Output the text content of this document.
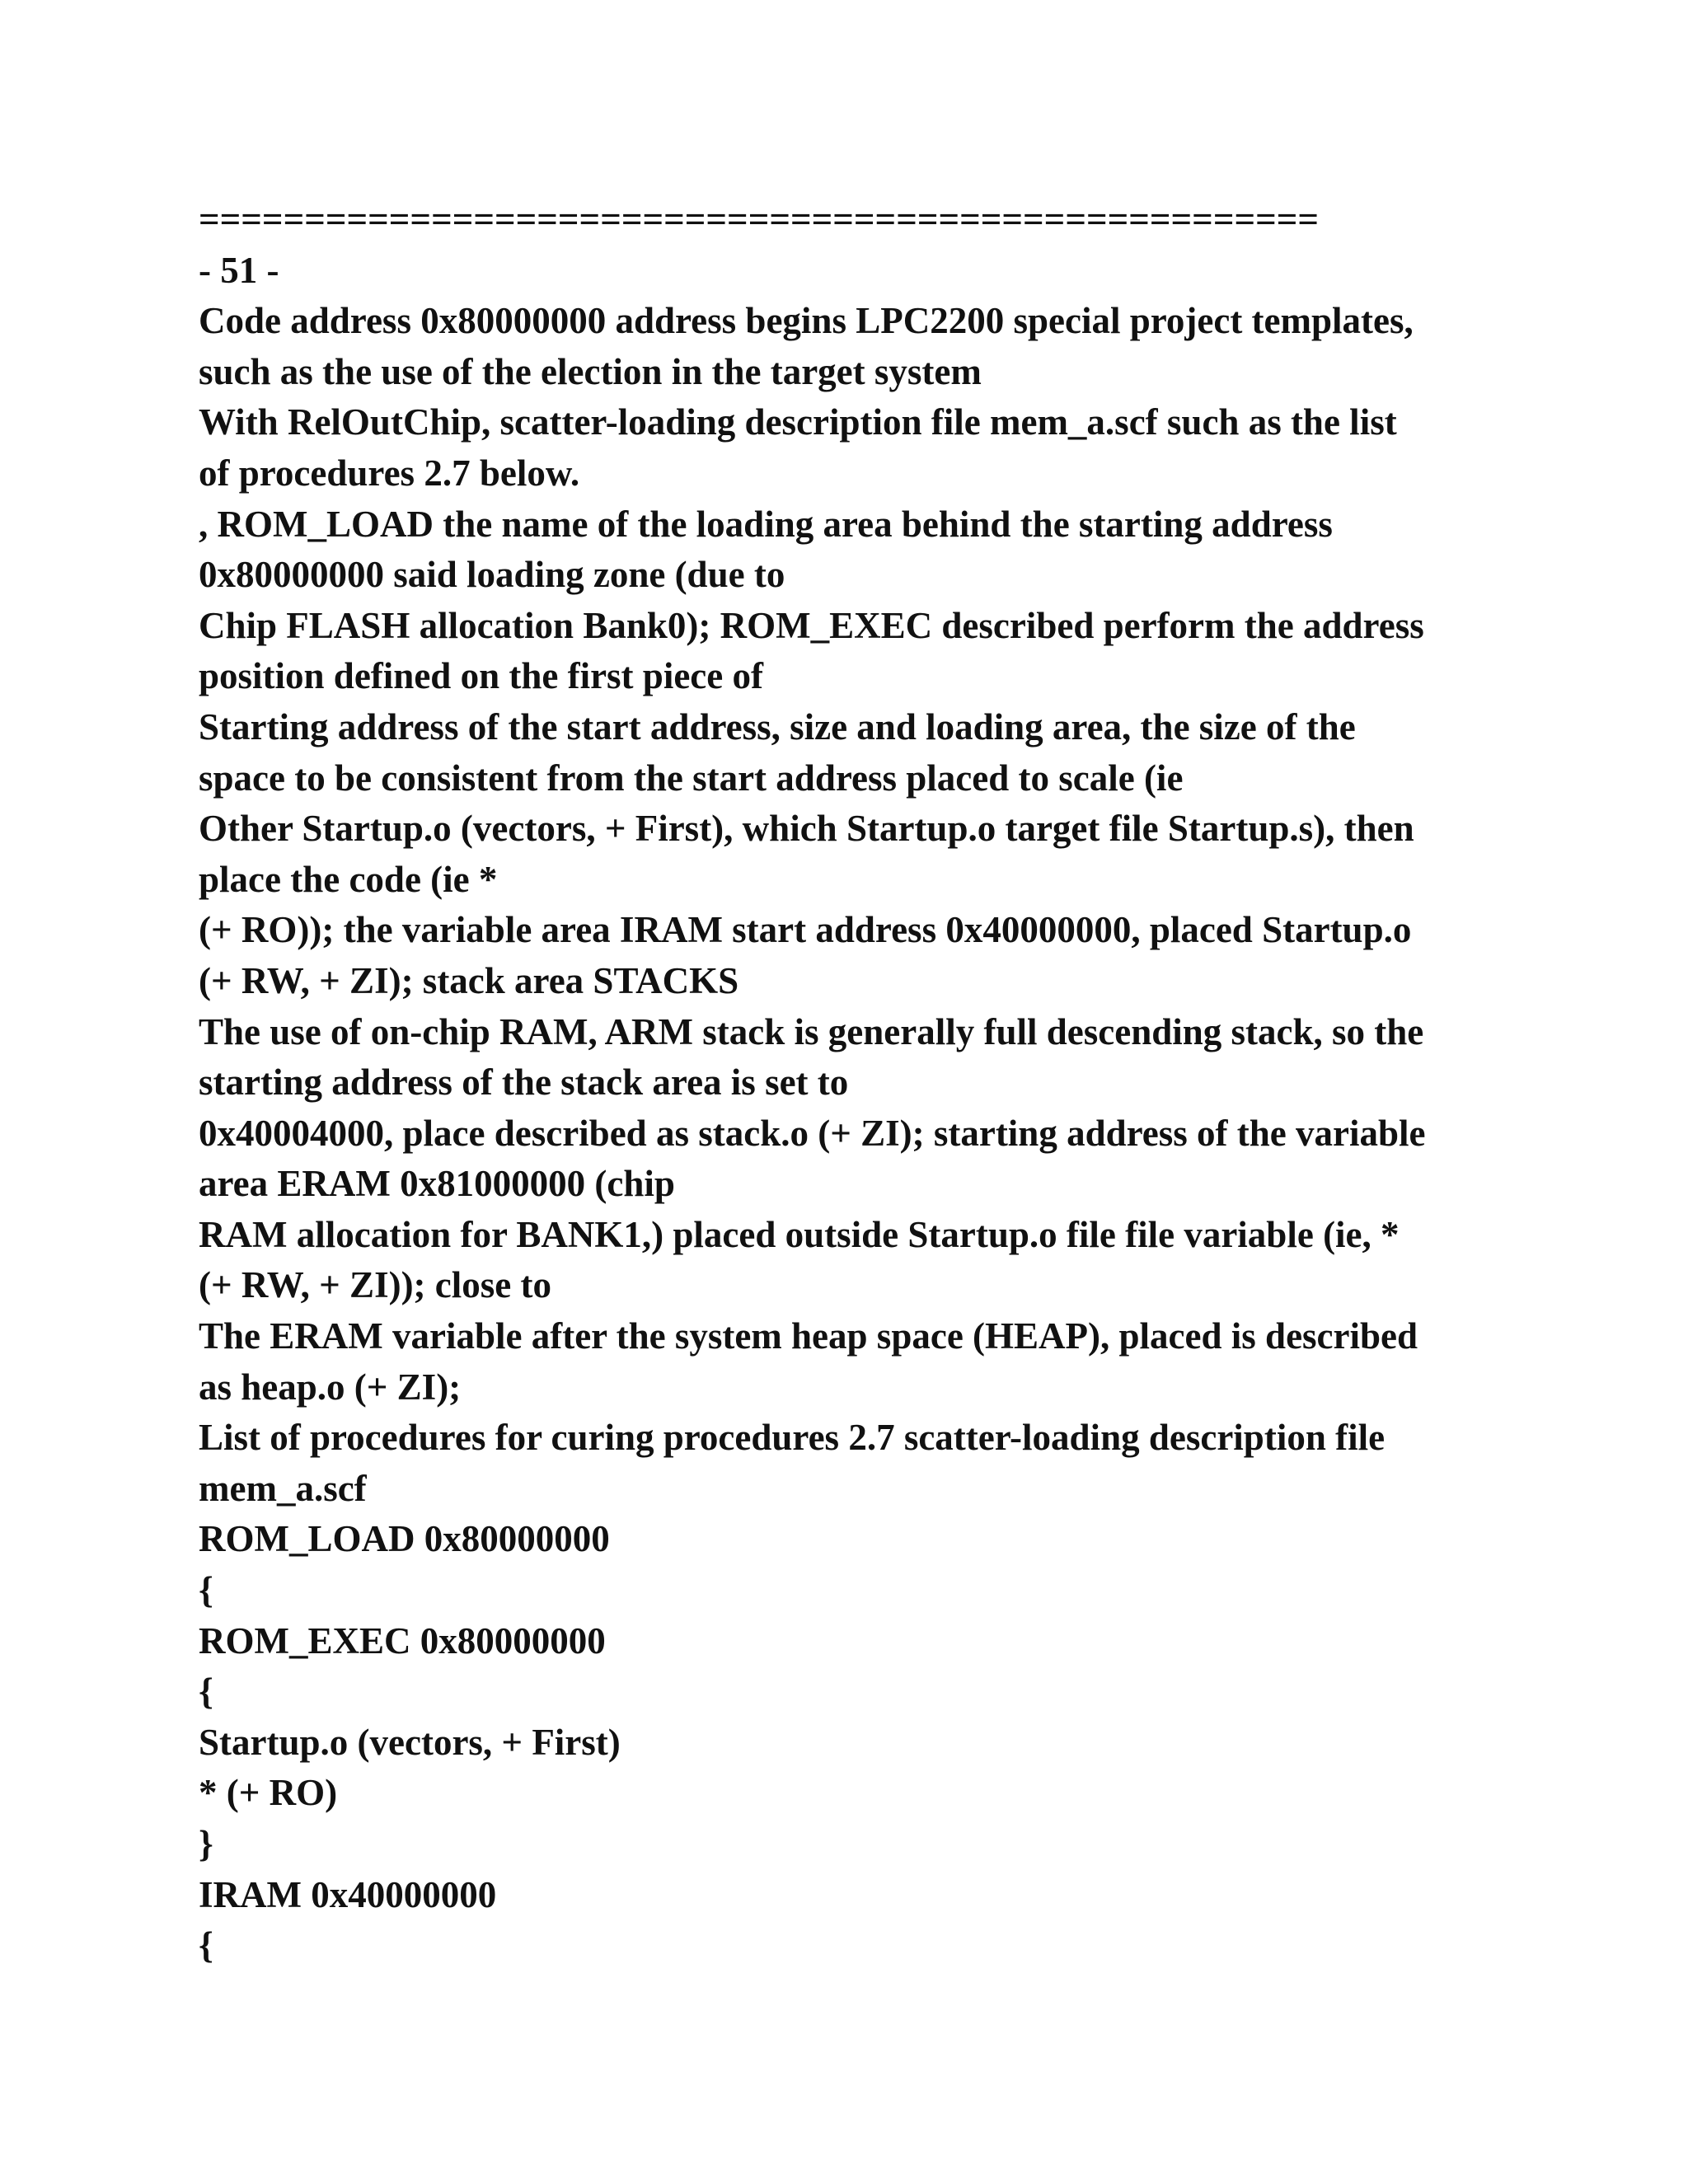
=====================================================
- 51 -
Code address 0x80000000 address begins LPC2200 special project templates,
such as the use of the election in the target system
With RelOutChip, scatter-loading description file mem_a.scf such as the list
of procedures 2.7 below.
, ROM_LOAD the name of the loading area behind the starting address
0x80000000 said loading zone (due to
Chip FLASH allocation Bank0); ROM_EXEC described perform the address
position defined on the first piece of
Starting address of the start address, size and loading area, the size of the
space to be consistent from the start address placed to scale (ie
Other Startup.o (vectors, + First), which Startup.o target file Startup.s), then
place the code (ie *
(+ RO)); the variable area IRAM start address 0x40000000, placed Startup.o
(+ RW, + ZI); stack area STACKS
The use of on-chip RAM, ARM stack is generally full descending stack, so the
starting address of the stack area is set to
0x40004000, place described as stack.o (+ ZI); starting address of the variable
area ERAM 0x81000000 (chip
RAM allocation for BANK1,) placed outside Startup.o file file variable (ie, *
(+ RW, + ZI)); close to
The ERAM variable after the system heap space (HEAP), placed is described
as heap.o (+ ZI);
List of procedures for curing procedures 2.7 scatter-loading description file
mem_a.scf
ROM_LOAD 0x80000000
{
ROM_EXEC 0x80000000
{
Startup.o (vectors, + First)
* (+ RO)
}
IRAM 0x40000000
{
